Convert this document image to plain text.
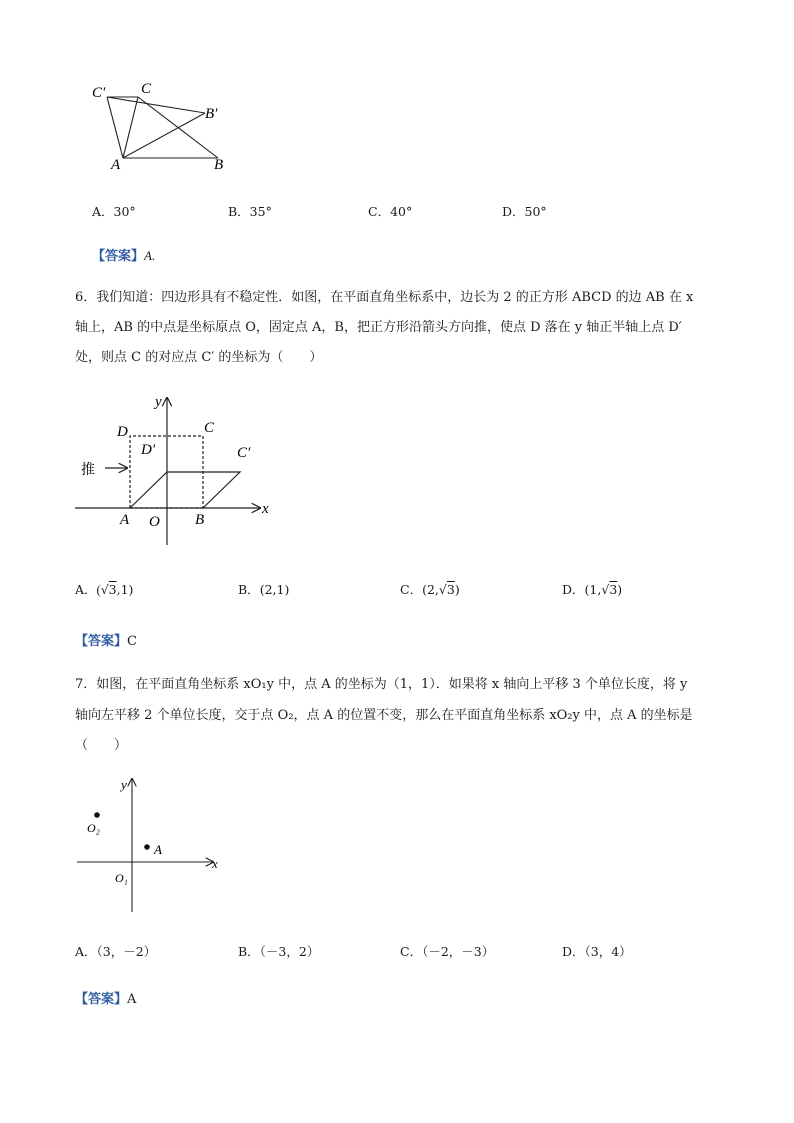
C′ C
B′
A	B
A．30°	B．35°	C．40°	D．50°
【答案】A.
6．我们知道：四边形具有不稳定性．如图，在平面直角坐标系中，边长为 2 的正方形 ABCD 的边 AB 在 x
轴上，AB 的中点是坐标原点 O，固定点 A，B，把正方形沿箭头方向推，使点 D 落在 y 轴正半轴上点 D′
处，则点 C 的对应点 C′ 的坐标为（　　）
y
D	C
D′	C′
推
x
A O B
A．(√3,1)	B．(2,1)	C．(2,√3)	D．(1,√3)
【答案】C
7．如图，在平面直角坐标系 xO₁y 中，点 A 的坐标为（1，1）．如果将 x 轴向上平移 3 个单位长度，将 y
轴向左平移 2 个单位长度，交于点 O₂，点 A 的位置不变，那么在平面直角坐标系 xO₂y 中，点 A 的坐标是
（　　）
y
O₂
A
x
O₁
A．（3，－2）	B．（－3，2）	C．（－2，－3）	D．（3，4）
【答案】A
